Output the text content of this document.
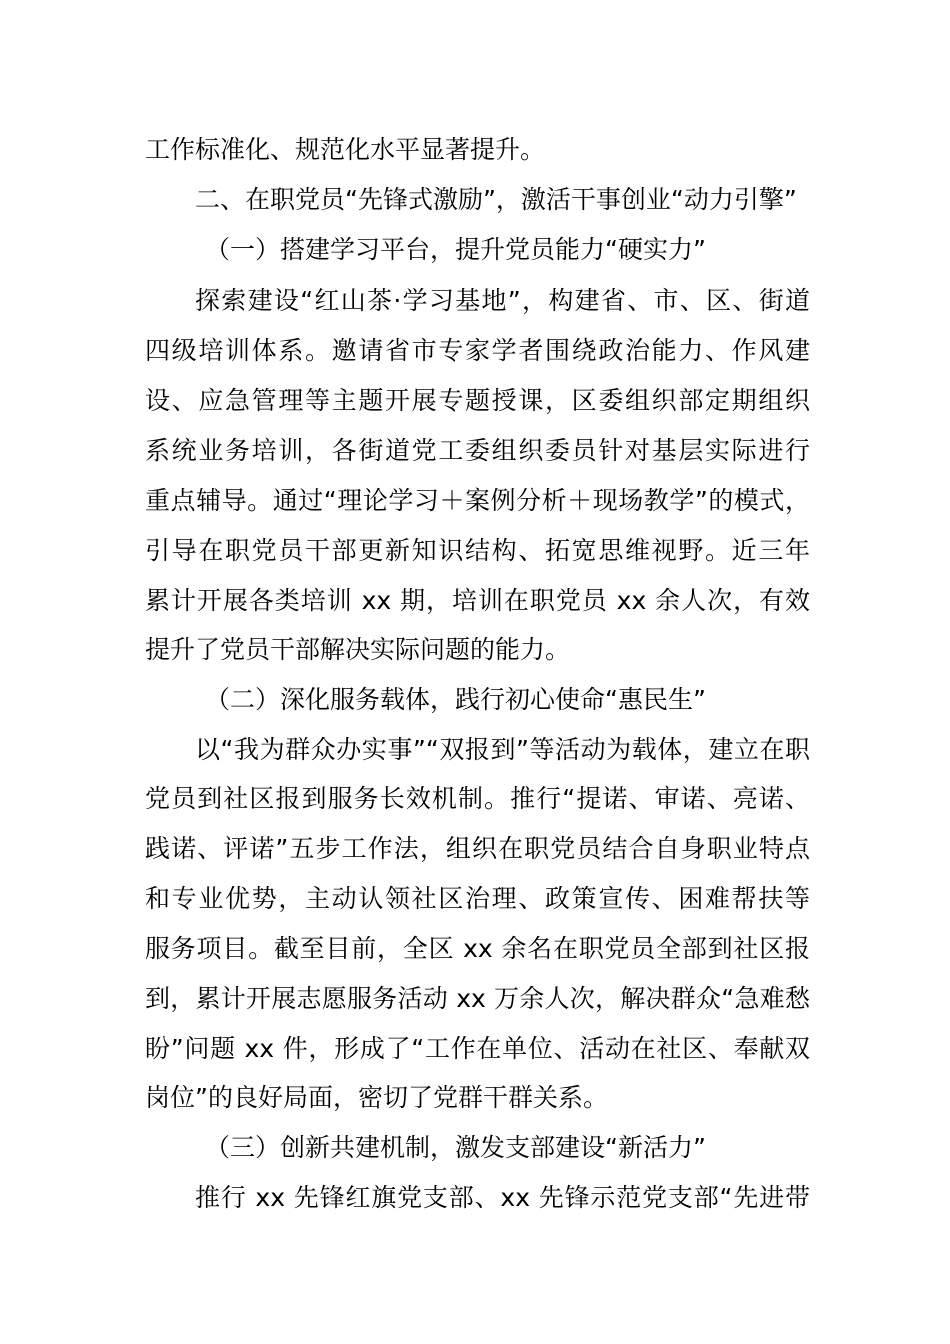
工作标准化、规范化水平显著提升。
二、在职党员“先锋式激励”，激活干事创业“动力引擎”
（一）搭建学习平台，提升党员能力“硬实力”
探索建设“红山茶·学习基地”，构建省、市、区、街道
四级培训体系。邀请省市专家学者围绕政治能力、作风建
设、应急管理等主题开展专题授课，区委组织部定期组织
系统业务培训，各街道党工委组织委员针对基层实际进行
重点辅导。通过“理论学习＋案例分析＋现场教学”的模式，
引导在职党员干部更新知识结构、拓宽思维视野。近三年
累计开展各类培训 xx 期，培训在职党员 xx 余人次，有效
提升了党员干部解决实际问题的能力。
（二）深化服务载体，践行初心使命“惠民生”
以“我为群众办实事”“双报到”等活动为载体，建立在职
党员到社区报到服务长效机制。推行“提诺、审诺、亮诺、
践诺、评诺”五步工作法，组织在职党员结合自身职业特点
和专业优势，主动认领社区治理、政策宣传、困难帮扶等
服务项目。截至目前，全区 xx 余名在职党员全部到社区报
到，累计开展志愿服务活动 xx 万余人次，解决群众“急难愁
盼”问题 xx 件，形成了“工作在单位、活动在社区、奉献双
岗位”的良好局面，密切了党群干群关系。
（三）创新共建机制，激发支部建设“新活力”
推行 xx 先锋红旗党支部、xx 先锋示范党支部“先进带
